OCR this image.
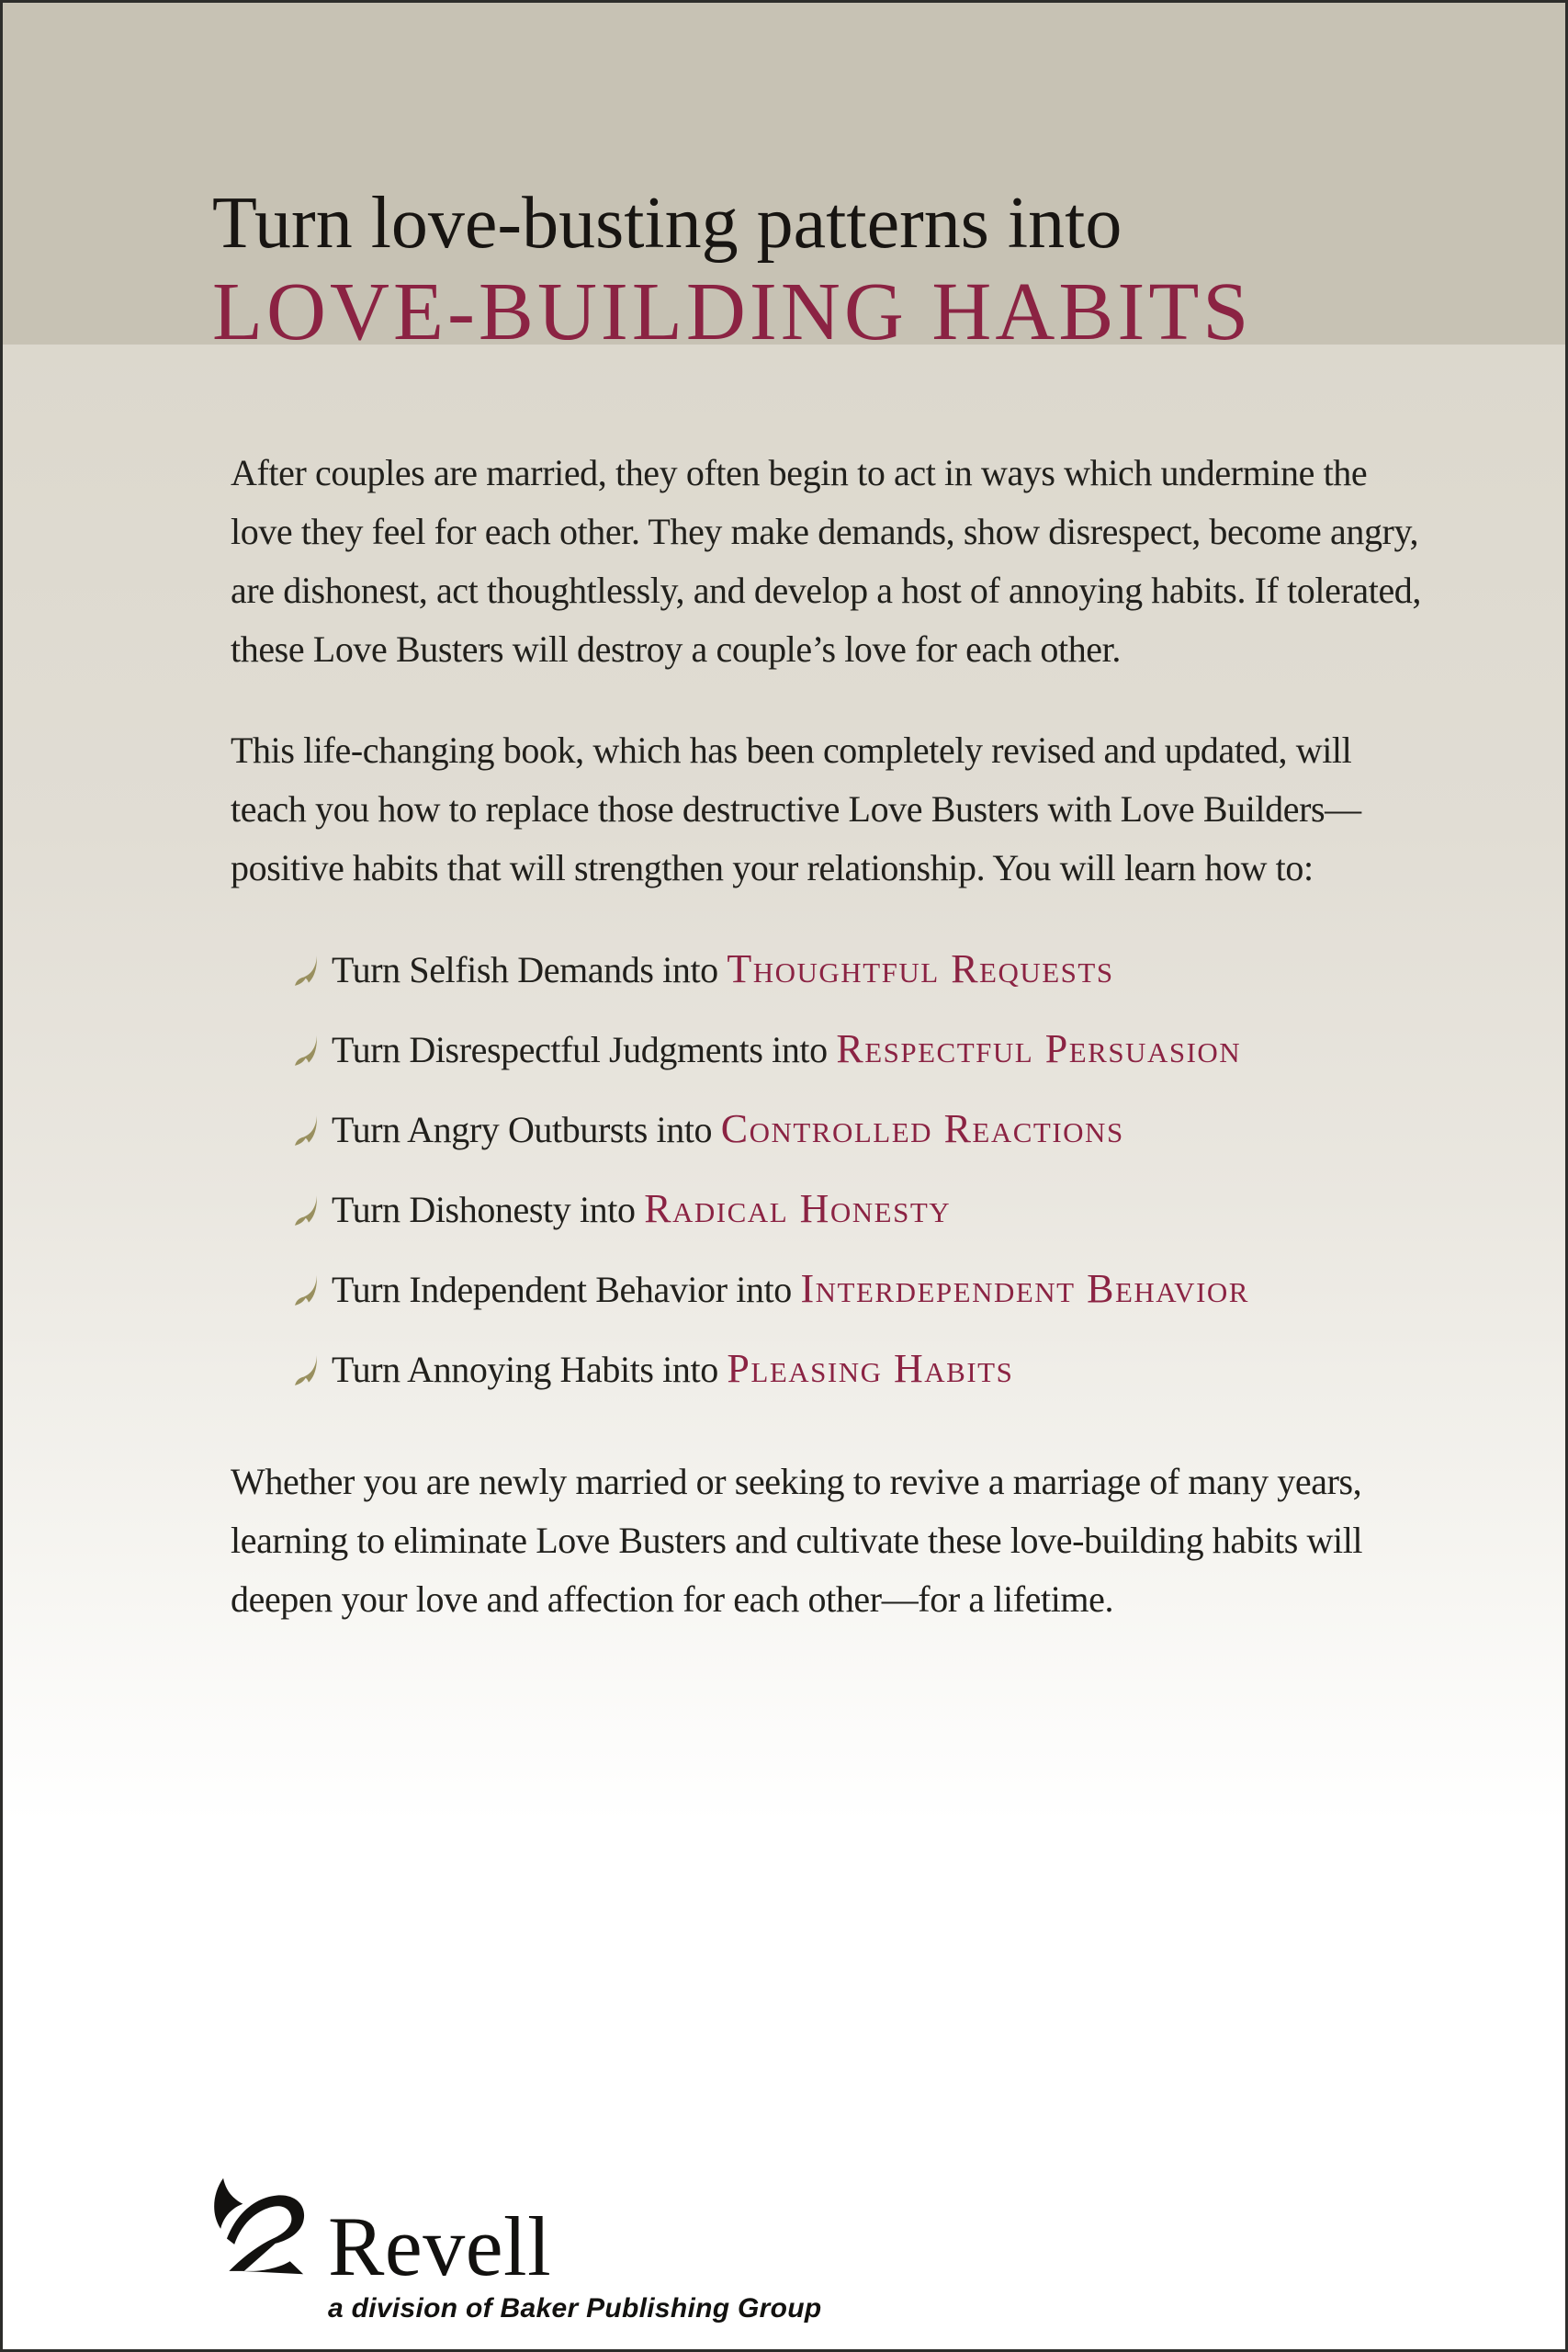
Turn love-busting patterns into
LOVE-BUILDING HABITS

After couples are married, they often begin to act in ways which undermine the love they feel for each other. They make demands, show disrespect, become angry, are dishonest, act thoughtlessly, and develop a host of annoying habits. If tolerated, these Love Busters will destroy a couple’s love for each other.

This life-changing book, which has been completely revised and updated, will teach you how to replace those destructive Love Busters with Love Builders—positive habits that will strengthen your relationship. You will learn how to:

Turn Selfish Demands into Thoughtful Requests
Turn Disrespectful Judgments into Respectful Persuasion
Turn Angry Outbursts into Controlled Reactions
Turn Dishonesty into Radical Honesty
Turn Independent Behavior into Interdependent Behavior
Turn Annoying Habits into Pleasing Habits

Whether you are newly married or seeking to revive a marriage of many years, learning to eliminate Love Busters and cultivate these love-building habits will deepen your love and affection for each other—for a lifetime.

Revell
a division of Baker Publishing Group
